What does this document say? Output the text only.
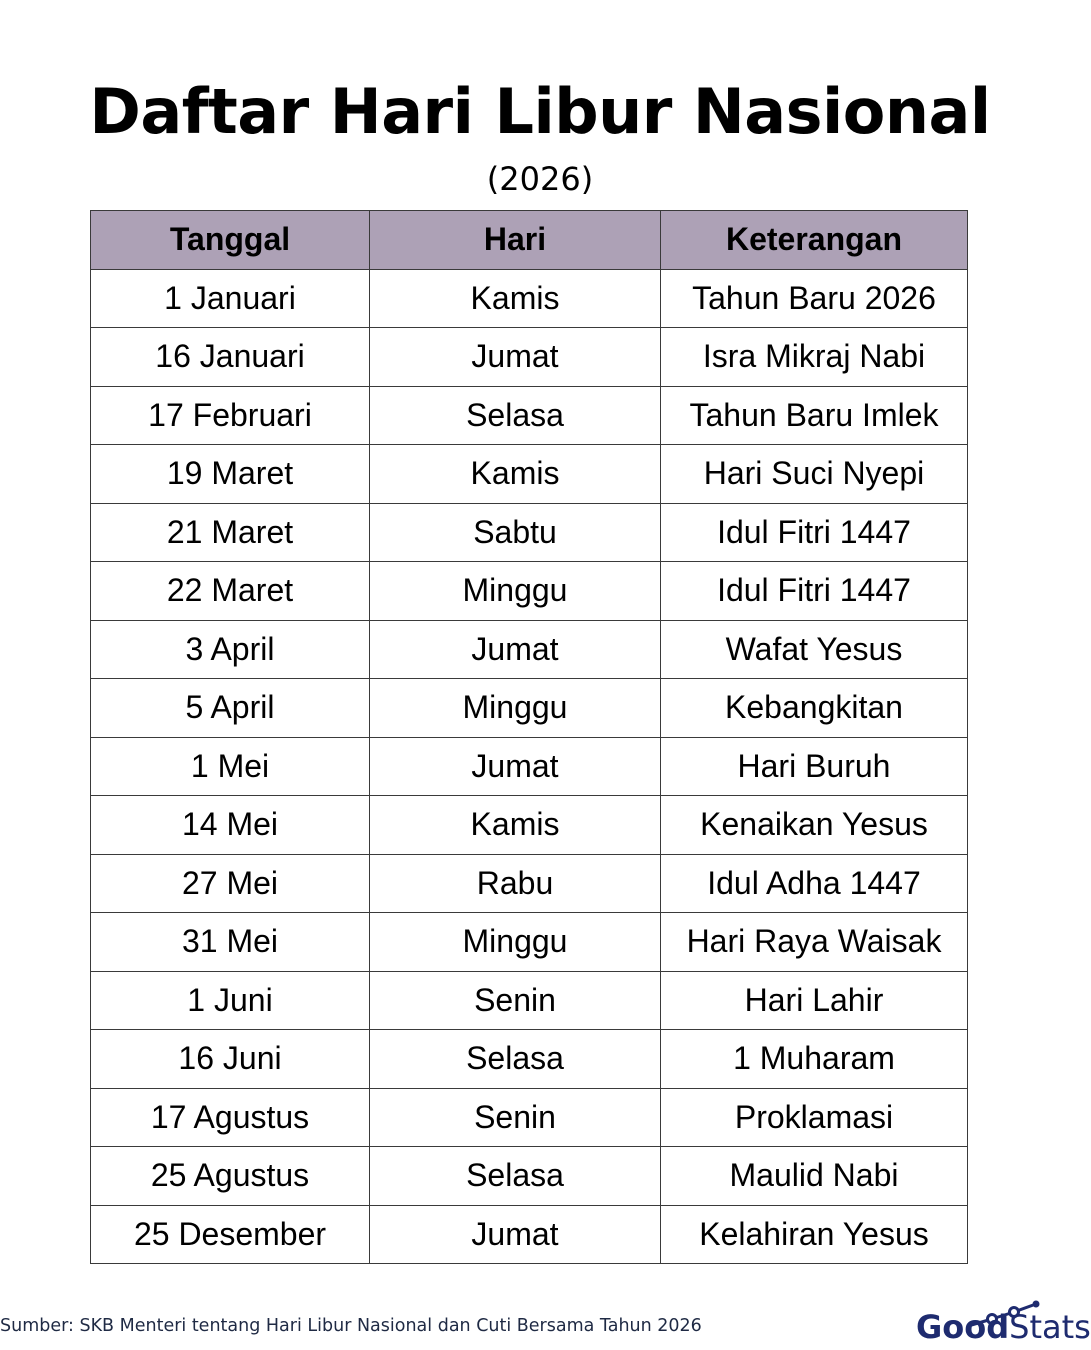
Daftar Hari Libur Nasional
(2026)
Tanggal	Hari	Keterangan
1 Januari	Kamis	Tahun Baru 2026
16 Januari	Jumat	Isra Mikraj Nabi
17 Februari	Selasa	Tahun Baru Imlek
19 Maret	Kamis	Hari Suci Nyepi
21 Maret	Sabtu	Idul Fitri 1447
22 Maret	Minggu	Idul Fitri 1447
3 April	Jumat	Wafat Yesus
5 April	Minggu	Kebangkitan
1 Mei	Jumat	Hari Buruh
14 Mei	Kamis	Kenaikan Yesus
27 Mei	Rabu	Idul Adha 1447
31 Mei	Minggu	Hari Raya Waisak
1 Juni	Senin	Hari Lahir
16 Juni	Selasa	1 Muharam
17 Agustus	Senin	Proklamasi
25 Agustus	Selasa	Maulid Nabi
25 Desember	Jumat	Kelahiran Yesus
Sumber: SKB Menteri tentang Hari Libur Nasional dan Cuti Bersama Tahun 2026	GoodStats
